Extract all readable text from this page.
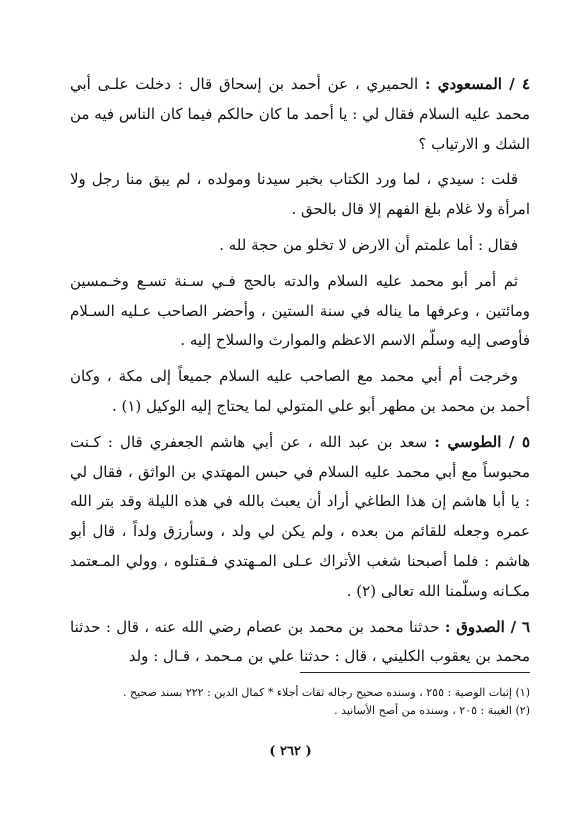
٤ / المسعودي : الحميري ، عن أحمد بن إسحاق قال : دخلت علـى أبي محمد عليه السلام فقال لي : يا أحمد ما كان حالكم فيما كان الناس فيه من الشك و الارتياب ؟

قلت : سيدي ، لما ورد الكتاب بخبر سيدنا ومولده ، لم يبق منا رجل ولا امرأة ولا غلام بلغ الفهم إلا قال بالحق .

فقال : أما علمتم أن الارض لا تخلو من حجة لله .

ثم أمر أبو محمد عليه السلام والدته بالحج فـي سـنة تسـع وخـمسين ومائتين ، وعرفها ما يناله في سنة الستين ، وأحضر الصاحب عـليه السـلام فأوصى إليه وسلّم الاسم الاعظم والموارث والسلاح إليه .

وخرجت أم أبي محمد مع الصاحب عليه السلام جميعاً إلى مكة ، وكان أحمد بن محمد بن مطهر أبو علي المتولي لما يحتاج إليه الوكيل (١) .

٥ / الطوسي : سعد بن عبد الله ، عن أبي هاشم الجعفري قال : كـنت محبوساً مع أبي محمد عليه السلام في حبس المهتدي بن الواثق ، فقال لي : يا أبا هاشم إن هذا الطاغي أراد أن يعبث بالله في هذه الليلة وقد بتر الله عمره وجعله للقائم من بعده ، ولم يكن لي ولد ، وسأرزق ولداً ، قال أبو هاشم : فلما أصبحنا شغب الأتراك عـلى المـهتدي فـقتلوه ، وولي المـعتمد مكـانه وسلّمنا الله تعالى (٢) .

٦ / الصدوق : حدثنا محمد بن محمد بن عصام رضي الله عنه ، قال : حدثنا محمد بن يعقوب الكليني ، قال : حدثنا علي بن مـحمد ، قـال : ولد

(١) إثبات الوصية : ٢٥٥ ، وسنده صحيح رجاله ثقات أجلاء * كمال الدين : ٢٢٢ بسند صحيح .

(٢) الغيبة : ٢٠٥ ، وسنده من أصح الأسانيد .

( ٢٦٢ )
